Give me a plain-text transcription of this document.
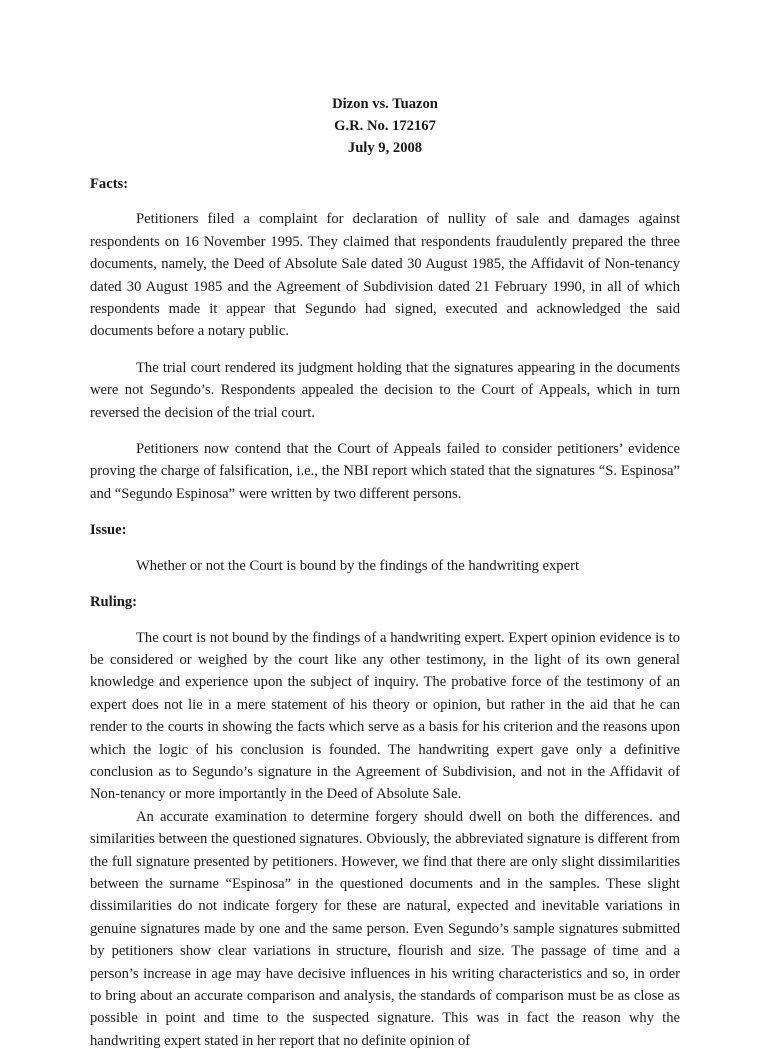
Dizon vs. Tuazon
G.R. No. 172167
July 9, 2008

Facts:

Petitioners filed a complaint for declaration of nullity of sale and damages against respondents on 16 November 1995. They claimed that respondents fraudulently prepared the three documents, namely, the Deed of Absolute Sale dated 30 August 1985, the Affidavit of Non-tenancy dated 30 August 1985 and the Agreement of Subdivision dated 21 February 1990, in all of which respondents made it appear that Segundo had signed, executed and acknowledged the said documents before a notary public.

The trial court rendered its judgment holding that the signatures appearing in the documents were not Segundo’s. Respondents appealed the decision to the Court of Appeals, which in turn reversed the decision of the trial court.

Petitioners now contend that the Court of Appeals failed to consider petitioners’ evidence proving the charge of falsification, i.e., the NBI report which stated that the signatures “S. Espinosa” and “Segundo Espinosa” were written by two different persons.

Issue:

Whether or not the Court is bound by the findings of the handwriting expert

Ruling:

The court is not bound by the findings of a handwriting expert. Expert opinion evidence is to be considered or weighed by the court like any other testimony, in the light of its own general knowledge and experience upon the subject of inquiry. The probative force of the testimony of an expert does not lie in a mere statement of his theory or opinion, but rather in the aid that he can render to the courts in showing the facts which serve as a basis for his criterion and the reasons upon which the logic of his conclusion is founded. The handwriting expert gave only a definitive conclusion as to Segundo’s signature in the Agreement of Subdivision, and not in the Affidavit of Non-tenancy or more importantly in the Deed of Absolute Sale.

An accurate examination to determine forgery should dwell on both the differences. and similarities between the questioned signatures. Obviously, the abbreviated signature is different from the full signature presented by petitioners. However, we find that there are only slight dissimilarities between the surname “Espinosa” in the questioned documents and in the samples. These slight dissimilarities do not indicate forgery for these are natural, expected and inevitable variations in genuine signatures made by one and the same person. Even Segundo’s sample signatures submitted by petitioners show clear variations in structure, flourish and size. The passage of time and a person’s increase in age may have decisive influences in his writing characteristics and so, in order to bring about an accurate comparison and analysis, the standards of comparison must be as close as possible in point and time to the suspected signature. This was in fact the reason why the handwriting expert stated in her report that no definite opinion of
